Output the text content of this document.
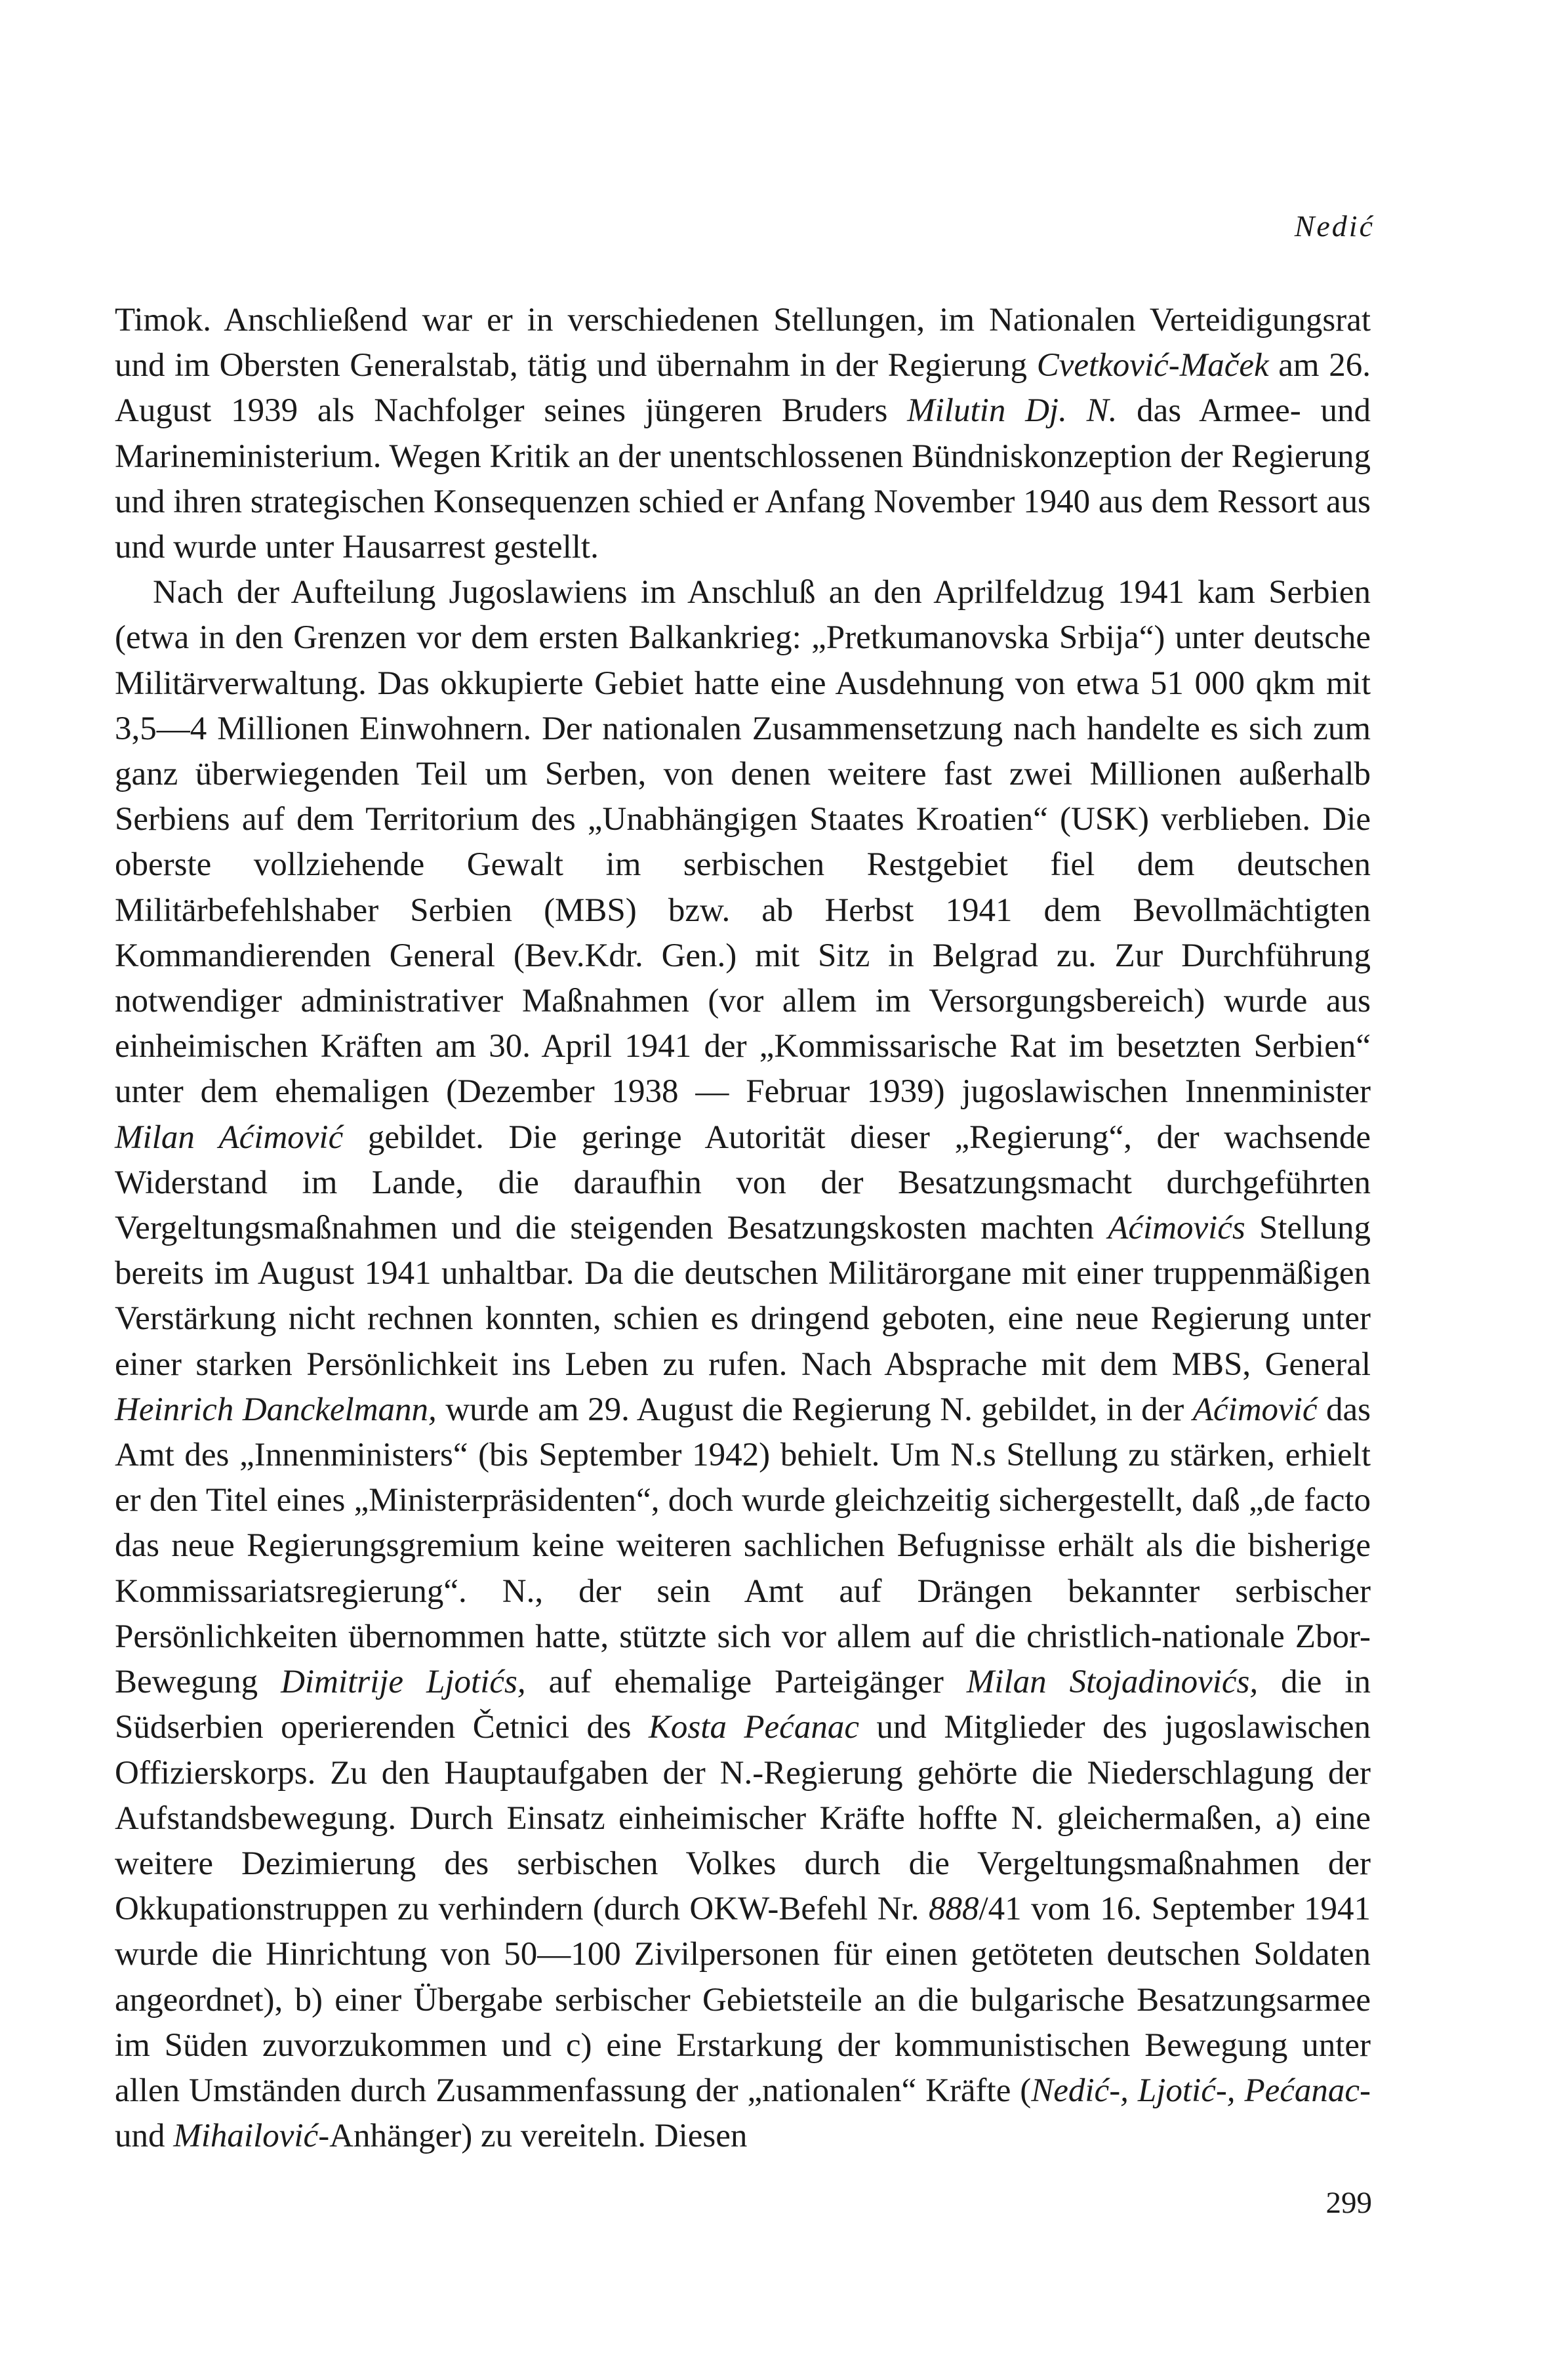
Nedić

Timok. Anschließend war er in verschiedenen Stellungen, im Nationalen Verteidigungsrat und im Obersten Generalstab, tätig und übernahm in der Regierung Cvetković-Maček am 26. August 1939 als Nachfolger seines jüngeren Bruders Milutin Dj. N. das Armee- und Marineministerium. Wegen Kritik an der unentschlossenen Bündniskonzeption der Regierung und ihren strategischen Konsequenzen schied er Anfang November 1940 aus dem Ressort aus und wurde unter Hausarrest gestellt.

Nach der Aufteilung Jugoslawiens im Anschluß an den Aprilfeldzug 1941 kam Serbien (etwa in den Grenzen vor dem ersten Balkankrieg: „Pretkumanovska Srbija“) unter deutsche Militärverwaltung. Das okkupierte Gebiet hatte eine Ausdehnung von etwa 51 000 qkm mit 3,5—4 Millionen Einwohnern. Der nationalen Zusammensetzung nach handelte es sich zum ganz überwiegenden Teil um Serben, von denen weitere fast zwei Millionen außerhalb Serbiens auf dem Territorium des „Unabhängigen Staates Kroatien“ (USK) verblieben. Die oberste vollziehende Gewalt im serbischen Restgebiet fiel dem deutschen Militärbefehlshaber Serbien (MBS) bzw. ab Herbst 1941 dem Bevollmächtigten Kommandierenden General (Bev.Kdr. Gen.) mit Sitz in Belgrad zu. Zur Durchführung notwendiger administrativer Maßnahmen (vor allem im Versorgungsbereich) wurde aus einheimischen Kräften am 30. April 1941 der „Kommissarische Rat im besetzten Serbien“ unter dem ehemaligen (Dezember 1938 — Februar 1939) jugoslawischen Innenminister Milan Aćimović gebildet. Die geringe Autorität dieser „Regierung“, der wachsende Widerstand im Lande, die daraufhin von der Besatzungsmacht durchgeführten Vergeltungsmaßnahmen und die steigenden Besatzungskosten machten Aćimovićs Stellung bereits im August 1941 unhaltbar. Da die deutschen Militärorgane mit einer truppenmäßigen Verstärkung nicht rechnen konnten, schien es dringend geboten, eine neue Regierung unter einer starken Persönlichkeit ins Leben zu rufen. Nach Absprache mit dem MBS, General Heinrich Danckelmann, wurde am 29. August die Regierung N. gebildet, in der Aćimović das Amt des „Innenministers“ (bis September 1942) behielt. Um N.s Stellung zu stärken, erhielt er den Titel eines „Ministerpräsidenten“, doch wurde gleichzeitig sichergestellt, daß „de facto das neue Regierungsgremium keine weiteren sachlichen Befugnisse erhält als die bisherige Kommissariatsregierung“. N., der sein Amt auf Drängen bekannter serbischer Persönlichkeiten übernommen hatte, stützte sich vor allem auf die christlich-nationale Zbor-Bewegung Dimitrije Ljotićs, auf ehemalige Parteigänger Milan Stojadinovićs, die in Südserbien operierenden Četnici des Kosta Pećanac und Mitglieder des jugoslawischen Offizierskorps. Zu den Hauptaufgaben der N.-Regierung gehörte die Niederschlagung der Aufstandsbewegung. Durch Einsatz einheimischer Kräfte hoffte N. gleichermaßen, a) eine weitere Dezimierung des serbischen Volkes durch die Vergeltungsmaßnahmen der Okkupationstruppen zu verhindern (durch OKW-Befehl Nr. 888/41 vom 16. September 1941 wurde die Hinrichtung von 50—100 Zivilpersonen für einen getöteten deutschen Soldaten angeordnet), b) einer Übergabe serbischer Gebietsteile an die bulgarische Besatzungsarmee im Süden zuvorzukommen und c) eine Erstarkung der kommunistischen Bewegung unter allen Umständen durch Zusammenfassung der „nationalen“ Kräfte (Nedić-, Ljotić-, Pećanac- und Mihailović-Anhänger) zu vereiteln. Diesen

299
